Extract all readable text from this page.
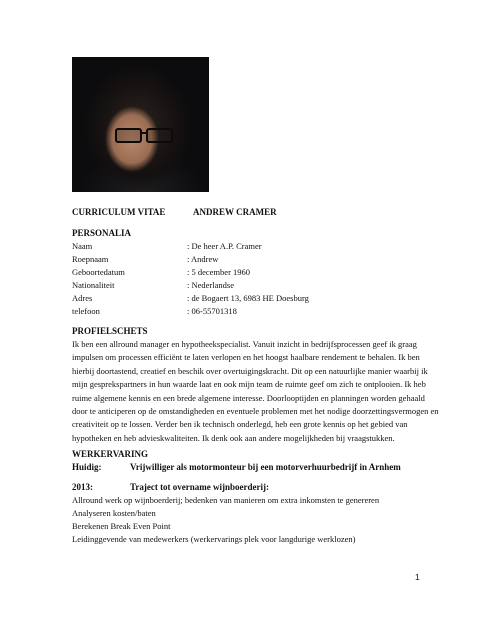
CURRICULUM VITAE	ANDREW CRAMER
PERSONALIA
Naam	: De heer A.P. Cramer
Roepnaam	: Andrew
Geboortedatum	: 5 december 1960
Nationaliteit	: Nederlandse
Adres	: de Bogaert 13, 6983 HE Doesburg
telefoon	: 06-55701318
PROFIELSCHETS
Ik ben een allround manager en hypotheekspecialist. Vanuit inzicht in bedrijfsprocessen geef ik graag
impulsen om processen efficiënt te laten verlopen en het hoogst haalbare rendement te behalen. Ik ben
hierbij doortastend, creatief en beschik over overtuigingskracht. Dit op een natuurlijke manier waarbij ik
mijn gesprekspartners in hun waarde laat en ook mijn team de ruimte geef om zich te ontplooien. Ik heb
ruime algemene kennis en een brede algemene interesse. Doorlooptijden en planningen worden gehaald
door te anticiperen op de omstandigheden en eventuele problemen met het nodige doorzettingsvermogen en
creativiteit op te lossen. Verder ben ik technisch onderlegd, heb een grote kennis op het gebied van
hypotheken en heb advieskwaliteiten. Ik denk ook aan andere mogelijkheden bij vraagstukken.
WERKERVARING
Huidig:	Vrijwilliger als motormonteur bij een motorverhuurbedrijf in Arnhem
2013:	Traject tot overname wijnboerderij:
Allround werk op wijnboerderij; bedenken van manieren om extra inkomsten te genereren
Analyseren kosten/baten
Berekenen Break Even Point
Leidinggevende van medewerkers (werkervarings plek voor langdurige werklozen)
1
